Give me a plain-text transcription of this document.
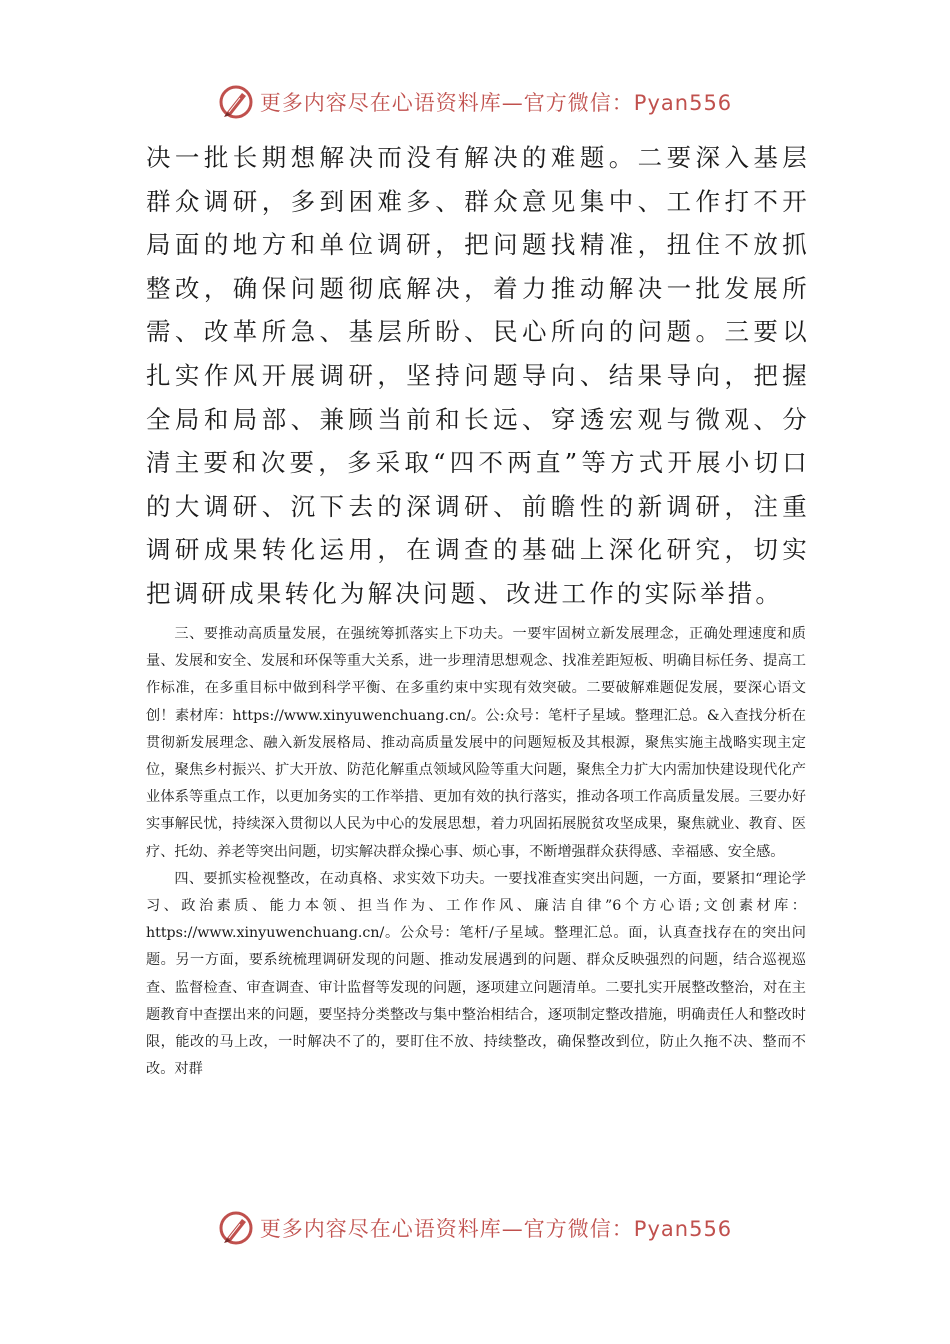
更多内容尽在心语资料库—官方微信：Pyan556
决一批长期想解决而没有解决的难题。二要深入基层群众调研，多到困难多、群众意见集中、工作打不开局面的地方和单位调研，把问题找精准，扭住不放抓整改，确保问题彻底解决，着力推动解决一批发展所需、改革所急、基层所盼、民心所向的问题。三要以扎实作风开展调研，坚持问题导向、结果导向，把握全局和局部、兼顾当前和长远、穿透宏观与微观、分清主要和次要，多采取“四不两直”等方式开展小切口的大调研、沉下去的深调研、前瞻性的新调研，注重调研成果转化运用，在调查的基础上深化研究，切实把调研成果转化为解决问题、改进工作的实际举措。

三、要推动高质量发展，在强统筹抓落实上下功夫。一要牢固树立新发展理念，正确处理速度和质量、发展和安全、发展和环保等重大关系，进一步理清思想观念、找准差距短板、明确目标任务、提高工作标准，在多重目标中做到科学平衡、在多重约束中实现有效突破。二要破解难题促发展，要深心语文创！素材库：https://www.xinyuwenchuang.cn/。公:众号：笔杆子星域。整理汇总。&入查找分析在贯彻新发展理念、融入新发展格局、推动高质量发展中的问题短板及其根源，聚焦实施主战略实现主定位，聚焦乡村振兴、扩大开放、防范化解重点领域风险等重大问题，聚焦全力扩大内需加快建设现代化产业体系等重点工作，以更加务实的工作举措、更加有效的执行落实，推动各项工作高质量发展。三要办好实事解民忧，持续深入贯彻以人民为中心的发展思想，着力巩固拓展脱贫攻坚成果，聚焦就业、教育、医疗、托幼、养老等突出问题，切实解决群众操心事、烦心事，不断增强群众获得感、幸福感、安全感。

四、要抓实检视整改，在动真格、求实效下功夫。一要找准查实突出问题，一方面，要紧扣“理论学习、政治素质、能力本领、担当作为、工作作风、廉洁自律”6个方心语;文创素材库：https://www.xinyuwenchuang.cn/。公众号：笔杆/子星域。整理汇总。面，认真查找存在的突出问题。另一方面，要系统梳理调研发现的问题、推动发展遇到的问题、群众反映强烈的问题，结合巡视巡查、监督检查、审查调查、审计监督等发现的问题，逐项建立问题清单。二要扎实开展整改整治，对在主题教育中查摆出来的问题，要坚持分类整改与集中整治相结合，逐项制定整改措施，明确责任人和整改时限，能改的马上改，一时解决不了的，要盯住不放、持续整改，确保整改到位，防止久拖不决、整而不改。对群

更多内容尽在心语资料库—官方微信：Pyan556
